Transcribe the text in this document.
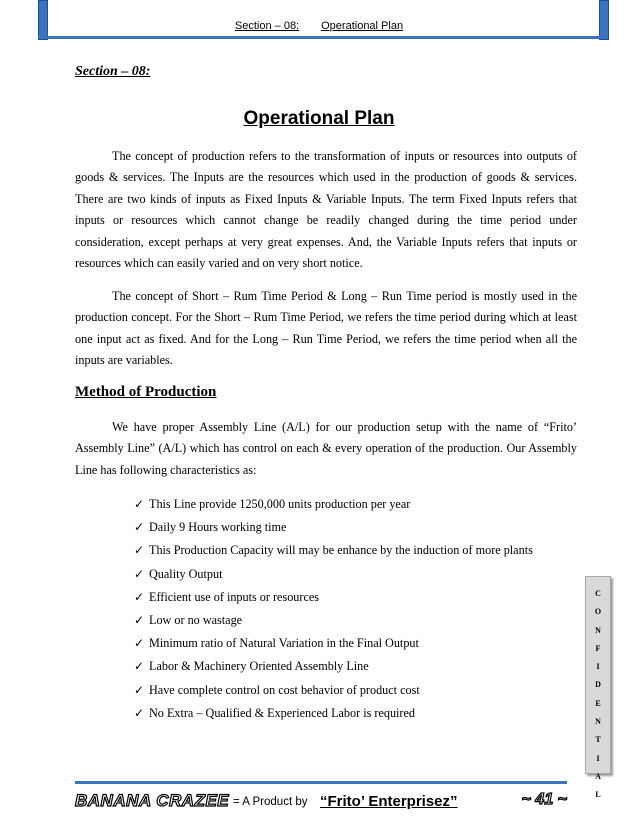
Section – 08: Operational Plan
Section – 08:
Operational Plan

The concept of production refers to the transformation of inputs or resources into outputs of goods & services. The Inputs are the resources which used in the production of goods & services. There are two kinds of inputs as Fixed Inputs & Variable Inputs. The term Fixed Inputs refers that inputs or resources which cannot change be readily changed during the time period under consideration, except perhaps at very great expenses. And, the Variable Inputs refers that inputs or resources which can easily varied and on very short notice.

The concept of Short – Rum Time Period & Long – Run Time period is mostly used in the production concept. For the Short – Rum Time Period, we refers the time period during which at least one input act as fixed. And for the Long – Run Time Period, we refers the time period when all the inputs are variables.

Method of Production

We have proper Assembly Line (A/L) for our production setup with the name of “Frito’ Assembly Line” (A/L) which has control on each & every operation of the production. Our Assembly Line has following characteristics as:

✓ This Line provide 1250,000 units production per year
✓ Daily 9 Hours working time
✓ This Production Capacity will may be enhance by the induction of more plants
✓ Quality Output
✓ Efficient use of inputs or resources
✓ Low or no wastage
✓ Minimum ratio of Natural Variation in the Final Output
✓ Labor & Machinery Oriented Assembly Line
✓ Have complete control on cost behavior of product cost
✓ No Extra – Qualified & Experienced Labor is required
C
O
N
F
I
D
E
N
T
I
A
L
BANANA CRAZEE = A Product by “Frito’ Enterprisez”	~ 41 ~
